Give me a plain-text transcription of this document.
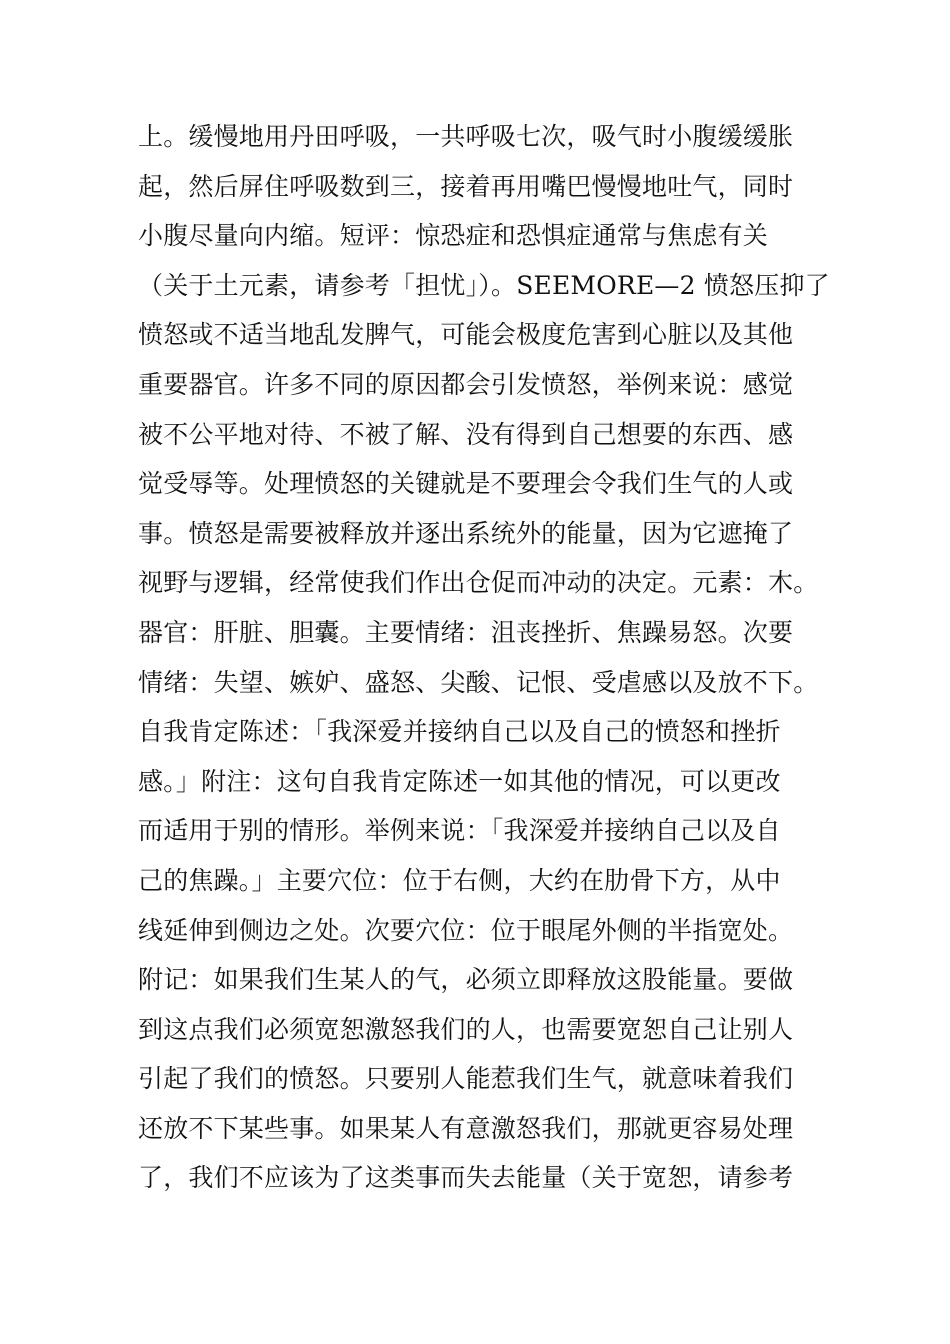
上。缓慢地用丹田呼吸，一共呼吸七次，吸气时小腹缓缓胀
起，然后屏住呼吸数到三，接着再用嘴巴慢慢地吐气，同时
小腹尽量向内缩。短评：惊恐症和恐惧症通常与焦虑有关
（关于土元素，请参考「担忧」）。SEEMORE—2 愤怒压抑了
愤怒或不适当地乱发脾气，可能会极度危害到心脏以及其他
重要器官。许多不同的原因都会引发愤怒，举例来说：感觉
被不公平地对待、不被了解、没有得到自己想要的东西、感
觉受辱等。处理愤怒的关键就是不要理会令我们生气的人或
事。愤怒是需要被释放并逐出系统外的能量，因为它遮掩了
视野与逻辑，经常使我们作出仓促而冲动的决定。元素：木。
器官：肝脏、胆囊。主要情绪：沮丧挫折、焦躁易怒。次要
情绪：失望、嫉妒、盛怒、尖酸、记恨、受虐感以及放不下。
自我肯定陈述：「我深爱并接纳自己以及自己的愤怒和挫折
感。」附注：这句自我肯定陈述一如其他的情况，可以更改
而适用于别的情形。举例来说：「我深爱并接纳自己以及自
己的焦躁。」主要穴位：位于右侧，大约在肋骨下方，从中
线延伸到侧边之处。次要穴位：位于眼尾外侧的半指宽处。
附记：如果我们生某人的气，必须立即释放这股能量。要做
到这点我们必须宽恕激怒我们的人，也需要宽恕自己让别人
引起了我们的愤怒。只要别人能惹我们生气，就意味着我们
还放不下某些事。如果某人有意激怒我们，那就更容易处理
了，我们不应该为了这类事而失去能量（关于宽恕，请参考
